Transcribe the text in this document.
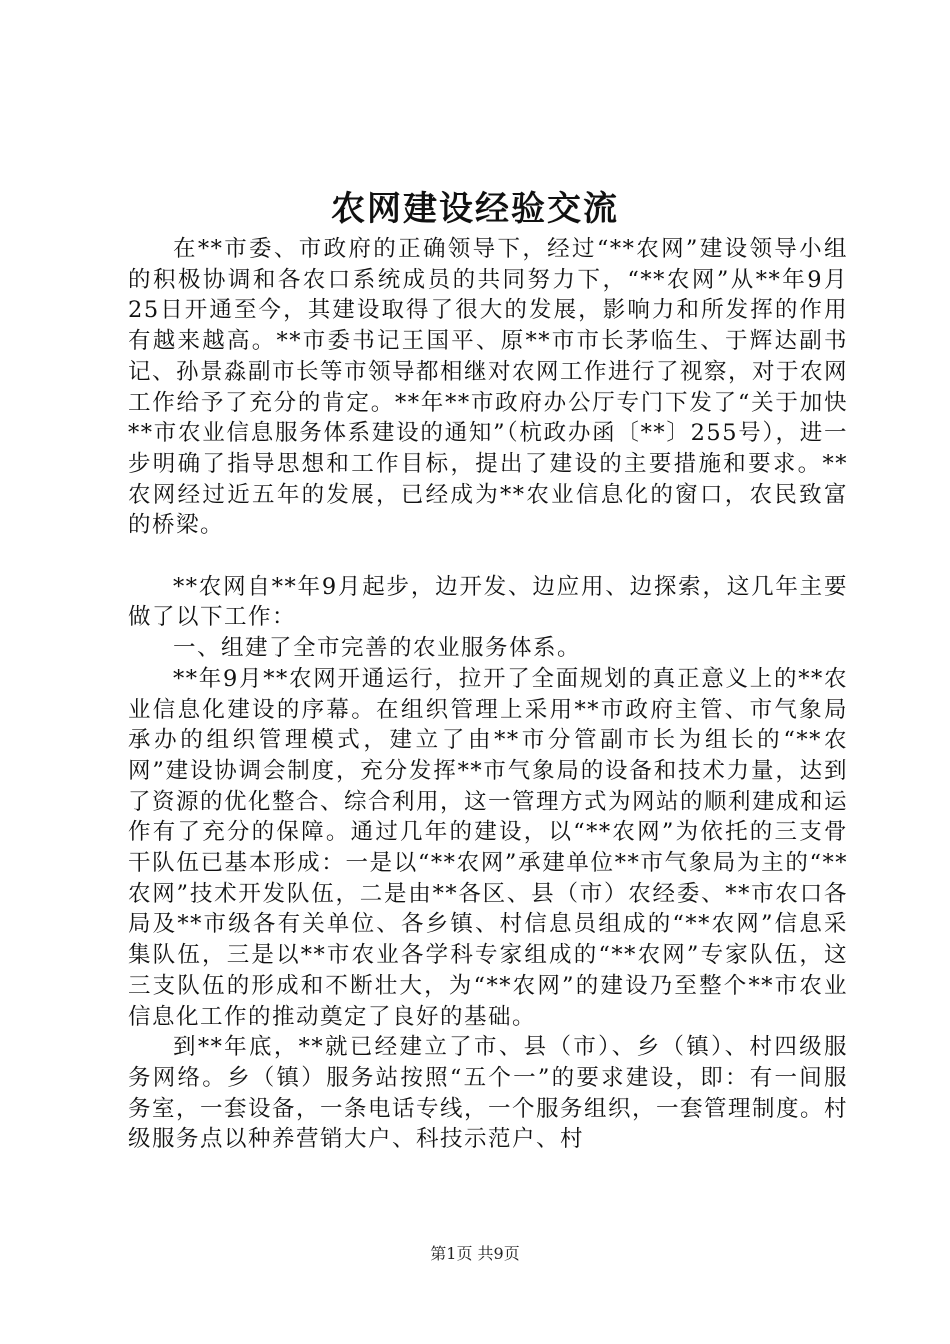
农网建设经验交流

在**市委、市政府的正确领导下，经过“**农网”建设领导小组的积极协调和各农口系统成员的共同努力下，“**农网”从**年9月25日开通至今，其建设取得了很大的发展，影响力和所发挥的作用有越来越高。**市委书记王国平、原**市市长茅临生、于辉达副书记、孙景淼副市长等市领导都相继对农网工作进行了视察，对于农网工作给予了充分的肯定。**年**市政府办公厅专门下发了“关于加快**市农业信息服务体系建设的通知”（杭政办函〔**〕255号），进一步明确了指导思想和工作目标，提出了建设的主要措施和要求。**农网经过近五年的发展，已经成为**农业信息化的窗口，农民致富的桥梁。

**农网自**年9月起步，边开发、边应用、边探索，这几年主要做了以下工作：

一、组建了全市完善的农业服务体系。

**年9月**农网开通运行，拉开了全面规划的真正意义上的**农业信息化建设的序幕。在组织管理上采用**市政府主管、市气象局承办的组织管理模式，建立了由**市分管副市长为组长的“**农网”建设协调会制度，充分发挥**市气象局的设备和技术力量，达到了资源的优化整合、综合利用，这一管理方式为网站的顺利建成和运作有了充分的保障。通过几年的建设，以“**农网”为依托的三支骨干队伍已基本形成：一是以“**农网”承建单位**市气象局为主的“**农网”技术开发队伍，二是由**各区、县（市）农经委、**市农口各局及**市级各有关单位、各乡镇、村信息员组成的“**农网”信息采集队伍，三是以**市农业各学科专家组成的“**农网”专家队伍，这三支队伍的形成和不断壮大，为“**农网”的建设乃至整个**市农业信息化工作的推动奠定了良好的基础。

到**年底，**就已经建立了市、县（市）、乡（镇）、村四级服务网络。乡（镇）服务站按照“五个一”的要求建设，即：有一间服务室，一套设备，一条电话专线，一个服务组织，一套管理制度。村级服务点以种养营销大户、科技示范户、村

第1页 共9页
